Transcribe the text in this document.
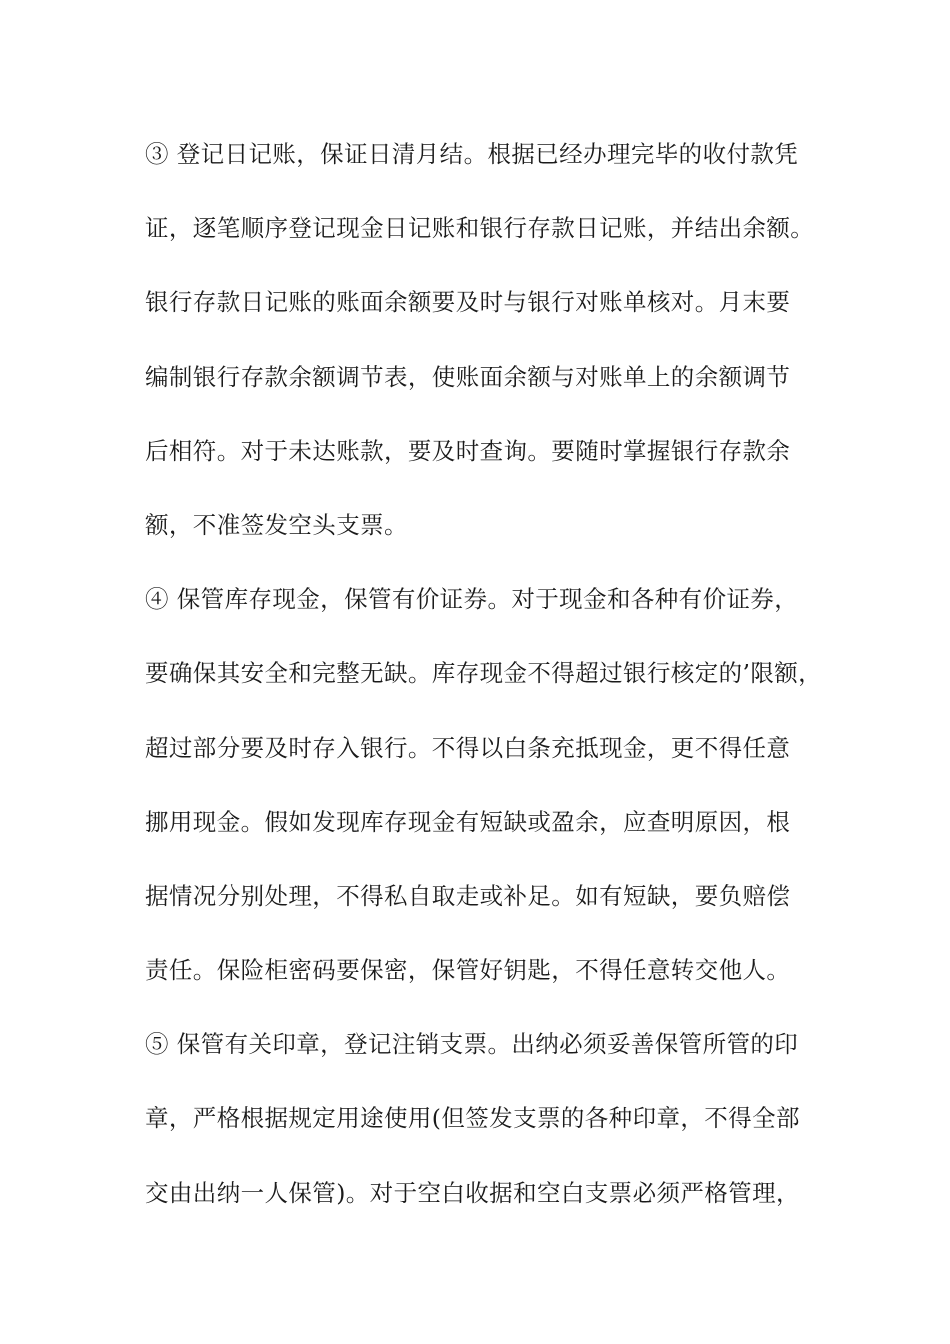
③ 登记日记账，保证日清月结。根据已经办理完毕的收付款凭
证，逐笔顺序登记现金日记账和银行存款日记账，并结出余额。
银行存款日记账的账面余额要及时与银行对账单核对。月末要
编制银行存款余额调节表，使账面余额与对账单上的余额调节
后相符。对于未达账款，要及时查询。要随时掌握银行存款余
额，不准签发空头支票。
④ 保管库存现金，保管有价证券。对于现金和各种有价证券，
要确保其安全和完整无缺。库存现金不得超过银行核定的’限额，
超过部分要及时存入银行。不得以白条充抵现金，更不得任意
挪用现金。假如发现库存现金有短缺或盈余，应查明原因，根
据情况分别处理，不得私自取走或补足。如有短缺，要负赔偿
责任。保险柜密码要保密，保管好钥匙，不得任意转交他人。
⑤ 保管有关印章，登记注销支票。出纳必须妥善保管所管的印
章，严格根据规定用途使用(但签发支票的各种印章，不得全部
交由出纳一人保管)。对于空白收据和空白支票必须严格管理，
